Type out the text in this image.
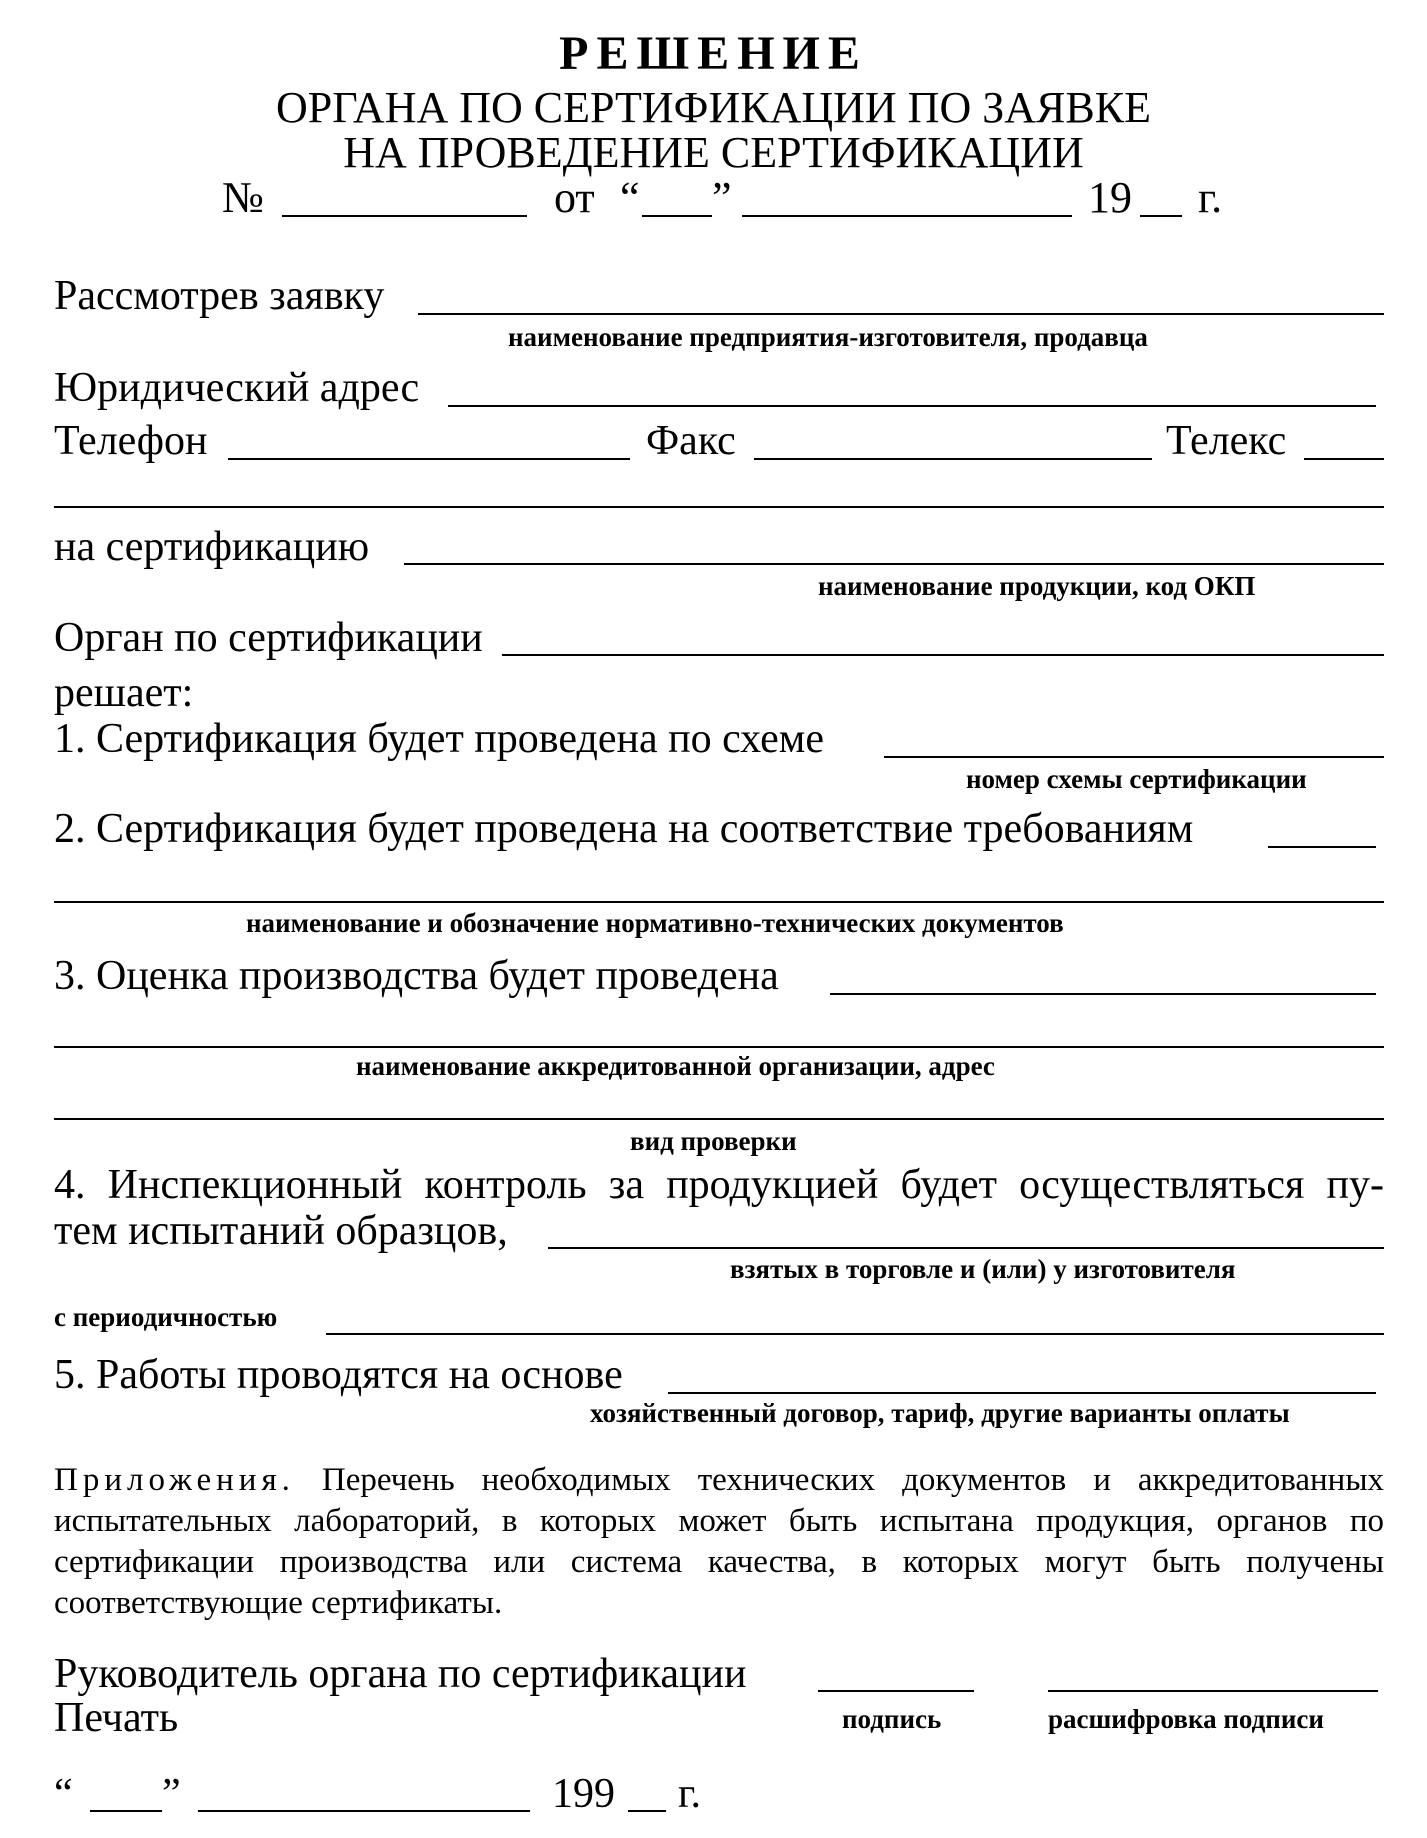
РЕШЕНИЕ
ОРГАНА ПО СЕРТИФИКАЦИИ ПО ЗАЯВКЕ
НА ПРОВЕДЕНИЕ СЕРТИФИКАЦИИ
№	от “ ”	19 г.
Рассмотрев заявку
наименование предприятия-изготовителя, продавца
Юридический адрес
Телефон	Факс	Телекс
на сертификацию
наименование продукции, код ОКП
Орган по сертификации
решает:
1. Сертификация будет проведена по схеме
номер схемы сертификации
2. Сертификация будет проведена на соответствие требованиям
наименование и обозначение нормативно-технических документов
3. Оценка производства будет проведена
наименование аккредитованной организации, адрес
вид проверки
4. Инспекционный контроль за продукцией будет осуществляться пу-
тем испытаний образцов,
взятых в торговле и (или) у изготовителя
с периодичностью
5. Работы проводятся на основе
хозяйственный договор, тариф, другие варианты оплаты
Приложения. Перечень необходимых технических документов и аккредитованных испытательных лабораторий, в которых может быть испытана продукция, органов по сертификации производства или система качества, в которых могут быть получены соответствующие сертификаты.
Руководитель органа по сертификации
Печать	подпись	расшифровка подписи
“ ”	199 г.
